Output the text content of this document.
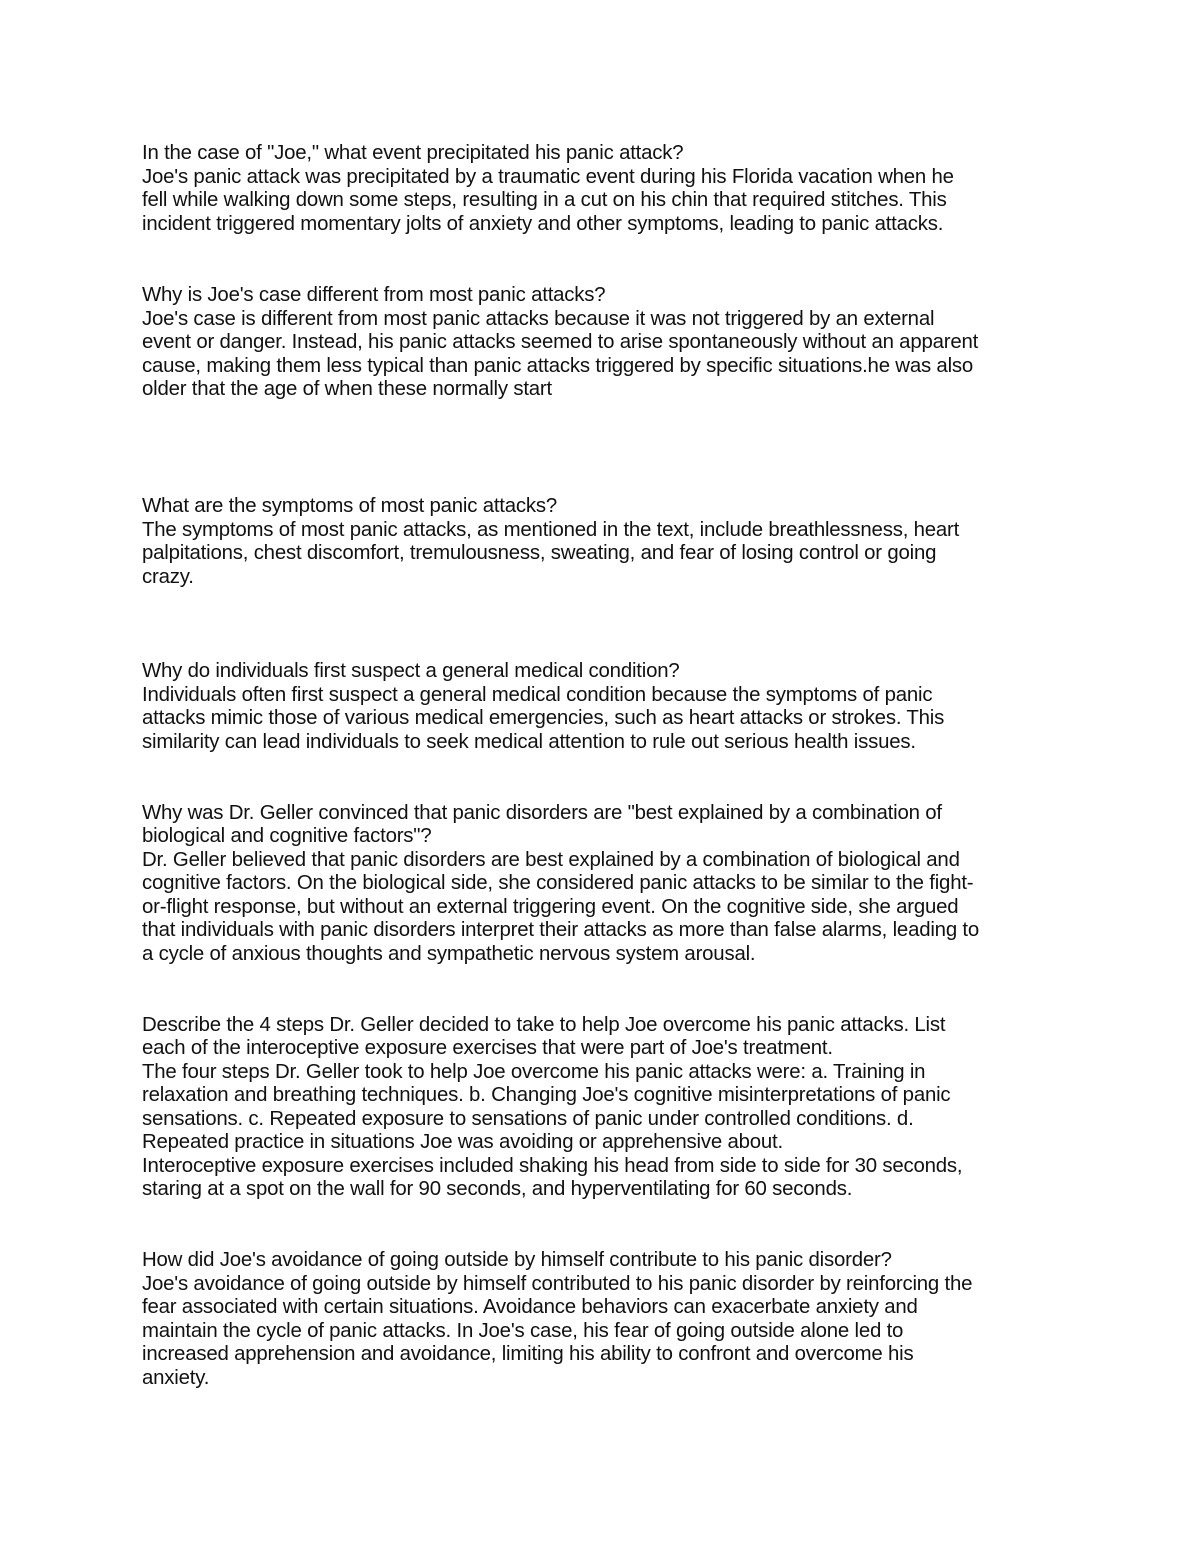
In the case of "Joe," what event precipitated his panic attack?

Joe's panic attack was precipitated by a traumatic event during his Florida vacation when he

fell while walking down some steps, resulting in a cut on his chin that required stitches. This

incident triggered momentary jolts of anxiety and other symptoms, leading to panic attacks.

Why is Joe's case different from most panic attacks?

Joe's case is different from most panic attacks because it was not triggered by an external

event or danger. Instead, his panic attacks seemed to arise spontaneously without an apparent

cause, making them less typical than panic attacks triggered by specific situations.he was also

older that the age of when these normally start

What are the symptoms of most panic attacks?

The symptoms of most panic attacks, as mentioned in the text, include breathlessness, heart

palpitations, chest discomfort, tremulousness, sweating, and fear of losing control or going

crazy.

Why do individuals first suspect a general medical condition?

Individuals often first suspect a general medical condition because the symptoms of panic

attacks mimic those of various medical emergencies, such as heart attacks or strokes. This

similarity can lead individuals to seek medical attention to rule out serious health issues.

Why was Dr. Geller convinced that panic disorders are "best explained by a combination of

biological and cognitive factors"?

Dr. Geller believed that panic disorders are best explained by a combination of biological and

cognitive factors. On the biological side, she considered panic attacks to be similar to the fight-

or-flight response, but without an external triggering event. On the cognitive side, she argued

that individuals with panic disorders interpret their attacks as more than false alarms, leading to

a cycle of anxious thoughts and sympathetic nervous system arousal.

Describe the 4 steps Dr. Geller decided to take to help Joe overcome his panic attacks. List

each of the interoceptive exposure exercises that were part of Joe's treatment.

The four steps Dr. Geller took to help Joe overcome his panic attacks were: a. Training in

relaxation and breathing techniques. b. Changing Joe's cognitive misinterpretations of panic

sensations. c. Repeated exposure to sensations of panic under controlled conditions. d.

Repeated practice in situations Joe was avoiding or apprehensive about.

Interoceptive exposure exercises included shaking his head from side to side for 30 seconds,

staring at a spot on the wall for 90 seconds, and hyperventilating for 60 seconds.

How did Joe's avoidance of going outside by himself contribute to his panic disorder?

Joe's avoidance of going outside by himself contributed to his panic disorder by reinforcing the

fear associated with certain situations. Avoidance behaviors can exacerbate anxiety and

maintain the cycle of panic attacks. In Joe's case, his fear of going outside alone led to

increased apprehension and avoidance, limiting his ability to confront and overcome his

anxiety.
